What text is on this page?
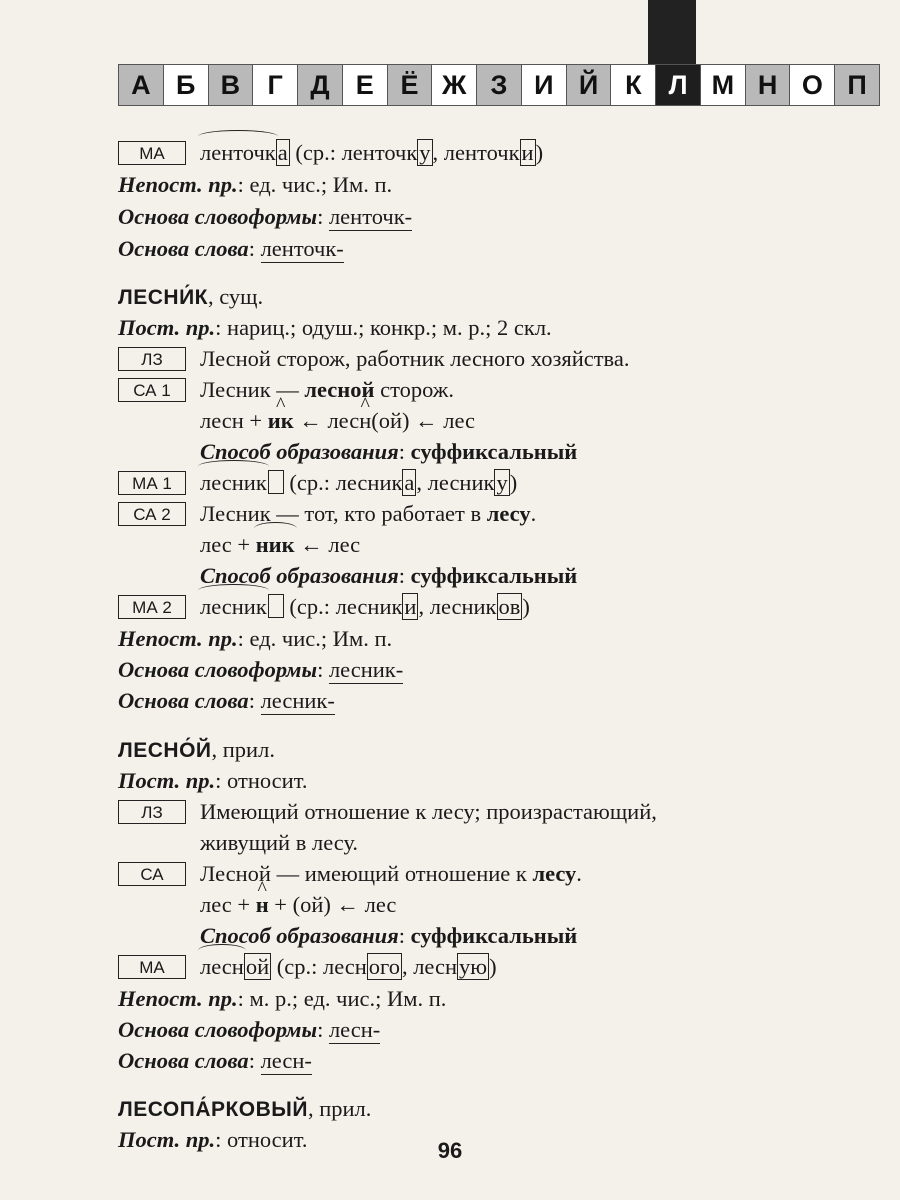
А Б В	Г	Д Е Ё Ж З И Й К	Л М Н О П
МА ленточка (ср.: ленточку, ленточки)
Непост. пр.: ед. чис.; Им. п.
Основа словоформы: ленточк-
Основа слова: ленточк-
ЛЕСНИ́К, сущ.
Пост. пр.: нариц.; одуш.; конкр.; м. р.; 2 скл.
ЛЗ Лесной сторож, работник лесного хозяйства.
СА 1 Лесник — лесной сторож.
лесн + ^ ик ← лес^ н(ой) ← лес
Способ образования: суффиксальный
МА 1 лесник (ср.: лесника, леснику)
СА 2 Лесник — тот, кто работает в лесу.
лес + ник ← лес
Способ образования: суффиксальный
МА 2 лесник (ср.: лесники, лесников)
Непост. пр.: ед. чис.; Им. п.
Основа словоформы: лесник-
Основа слова: лесник-
ЛЕСНО́Й, прил.
Пост. пр.: относит.
ЛЗ Имеющий отношение к лесу; произрастающий,
живущий в лесу.
СА Лесной — имеющий отношение к лесу.
лес + ^ н + (ой) ← лес
Способ образования: суффиксальный
МА лесной (ср.: лесного, лесную)
Непост. пр.: м. р.; ед. чис.; Им. п.
Основа словоформы: лесн-
Основа слова: лесн-
ЛЕСОПА́РКОВЫЙ, прил.
Пост. пр.: относит.	96
